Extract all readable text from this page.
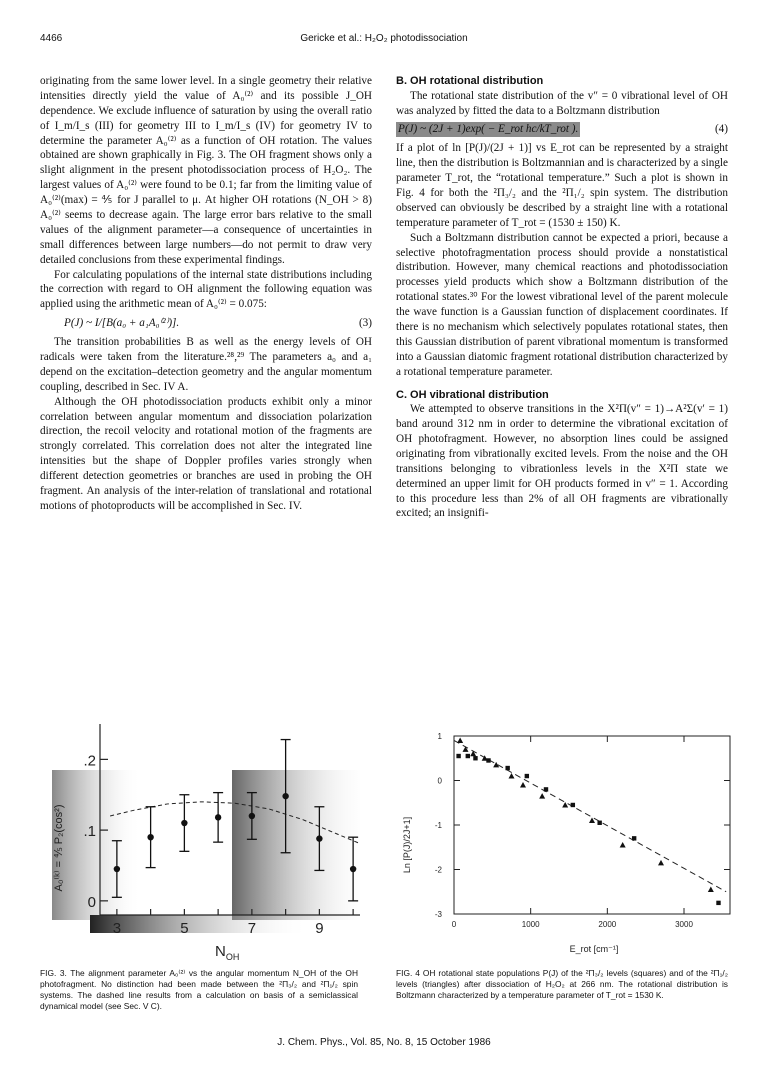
4466	Gericke et al.: H₂O₂ photodissociation

originating from the same lower level. In a single geometry their relative intensities directly yield the value of A₀⁽²⁾ and its possible J_OH dependence. We exclude influence of saturation by using the overall ratio of I_m/I_s (III) for geometry III to I_m/I_s (IV) for geometry IV to determine the parameter A₀⁽²⁾ as a function of OH rotation. The values obtained are shown graphically in Fig. 3. The OH fragment shows only a slight alignment in the present photodissociation process of H₂O₂. The largest values of A₀⁽²⁾ were found to be 0.1; far from the limiting value of A₀⁽²⁾(max) = ⅘ for J parallel to μ. At higher OH rotations (N_OH > 8) A₀⁽²⁾ seems to decrease again. The large error bars relative to the small values of the alignment parameter—a consequence of uncertainties in small differences between large numbers—do not permit to draw very detailed conclusions from these experimental findings.

For calculating populations of the internal state distributions including the correction with regard to OH alignment the following equation was applied using the arithmetic mean of A₀⁽²⁾ = 0.075:

P(J) ~ I/[B(a₀ + a₁A₀⁽²⁾)].	(3)

The transition probabilities B as well as the energy levels of OH radicals were taken from the literature.²⁸,²⁹ The parameters a₀ and a₁ depend on the excitation–detection geometry and the angular momentum coupling, described in Sec. IV A.

Although the OH photodissociation products exhibit only a minor correlation between angular momentum and dissociation polarization direction, the recoil velocity and rotational motion of the fragments are strongly correlated. This correlation does not alter the integrated line intensities but the shape of Doppler profiles varies strongly when different detection geometries or branches are used in probing the OH fragment. An analysis of the inter-relation of translational and rotational motions of photoproducts will be accomplished in Sec. IV.

B. OH rotational distribution

The rotational state distribution of the v″ = 0 vibrational level of OH was analyzed by fitted the data to a Boltzmann distribution

P(J) ~ (2J + 1)exp( − E_rot hc/kT_rot ).	(4)

If a plot of ln [P(J)/(2J + 1)] vs E_rot can be represented by a straight line, then the distribution is Boltzmannian and is characterized by a single parameter T_rot, the “rotational temperature.” Such a plot is shown in Fig. 4 for both the ²Π₃/₂ and the ²Π₁/₂ spin system. The distribution observed can obviously be described by a straight line with a rotational temperature parameter of T_rot = (1530 ± 150) K.

Such a Boltzmann distribution cannot be expected a priori, because a selective photofragmentation process should provide a nonstatistical distribution. However, many chemical reactions and photodissociation processes yield products which show a Boltzmann distribution of the rotational states.³⁰ For the lowest vibrational level of the parent molecule the wave function is a Gaussian function of displacement coordinates. If there is no mechanism which selectively populates rotational states, then this Gaussian distribution of parent vibrational momentum is transformed into a Gaussian diatomic fragment rotational distribution characterized by a rotational temperature parameter.

C. OH vibrational distribution

We attempted to observe transitions in the X²Π(v″ = 1)→A²Σ(v′ = 1) band around 312 nm in order to determine the vibrational excitation of OH photofragment. However, no absorption lines could be assigned originating from vibrationally excited levels. From the noise and the OH transitions belonging to vibrationless levels in the X²Π state we determined an upper limit for OH products formed in v″ = 1. According to this procedure less than 2% of all OH fragments are vibrationally excited; an insignifi-

.2
.1
0
3	5	7	9
A₀⁽ᵏ⁾ = ⅘ P₂(cos²)
$N_{OH}$
1
0
-1
-2
-3
0	1000	2000	3000
Ln [P(J)/2J+1]
E_rot [cm⁻¹]
FIG. 3. The alignment parameter A₀⁽²⁾ vs the angular momentum N_OH of the OH photofragment. No distinction had been made between the ²Π₃/₂ and ²Π₁/₂ spin systems. The dashed line results from a calculation on basis of a semiclassical dynamical model (see Sec. V C).
FIG. 4 OH rotational state populations P(J) of the ²Π₃/₂ levels (squares) and of the ²Π₁/₂ levels (triangles) after dissociation of H₂O₂ at 266 nm. The rotational distribution is Boltzmann characterized by a temperature parameter of T_rot = 1530 K.
J. Chem. Phys., Vol. 85, No. 8, 15 October 1986
